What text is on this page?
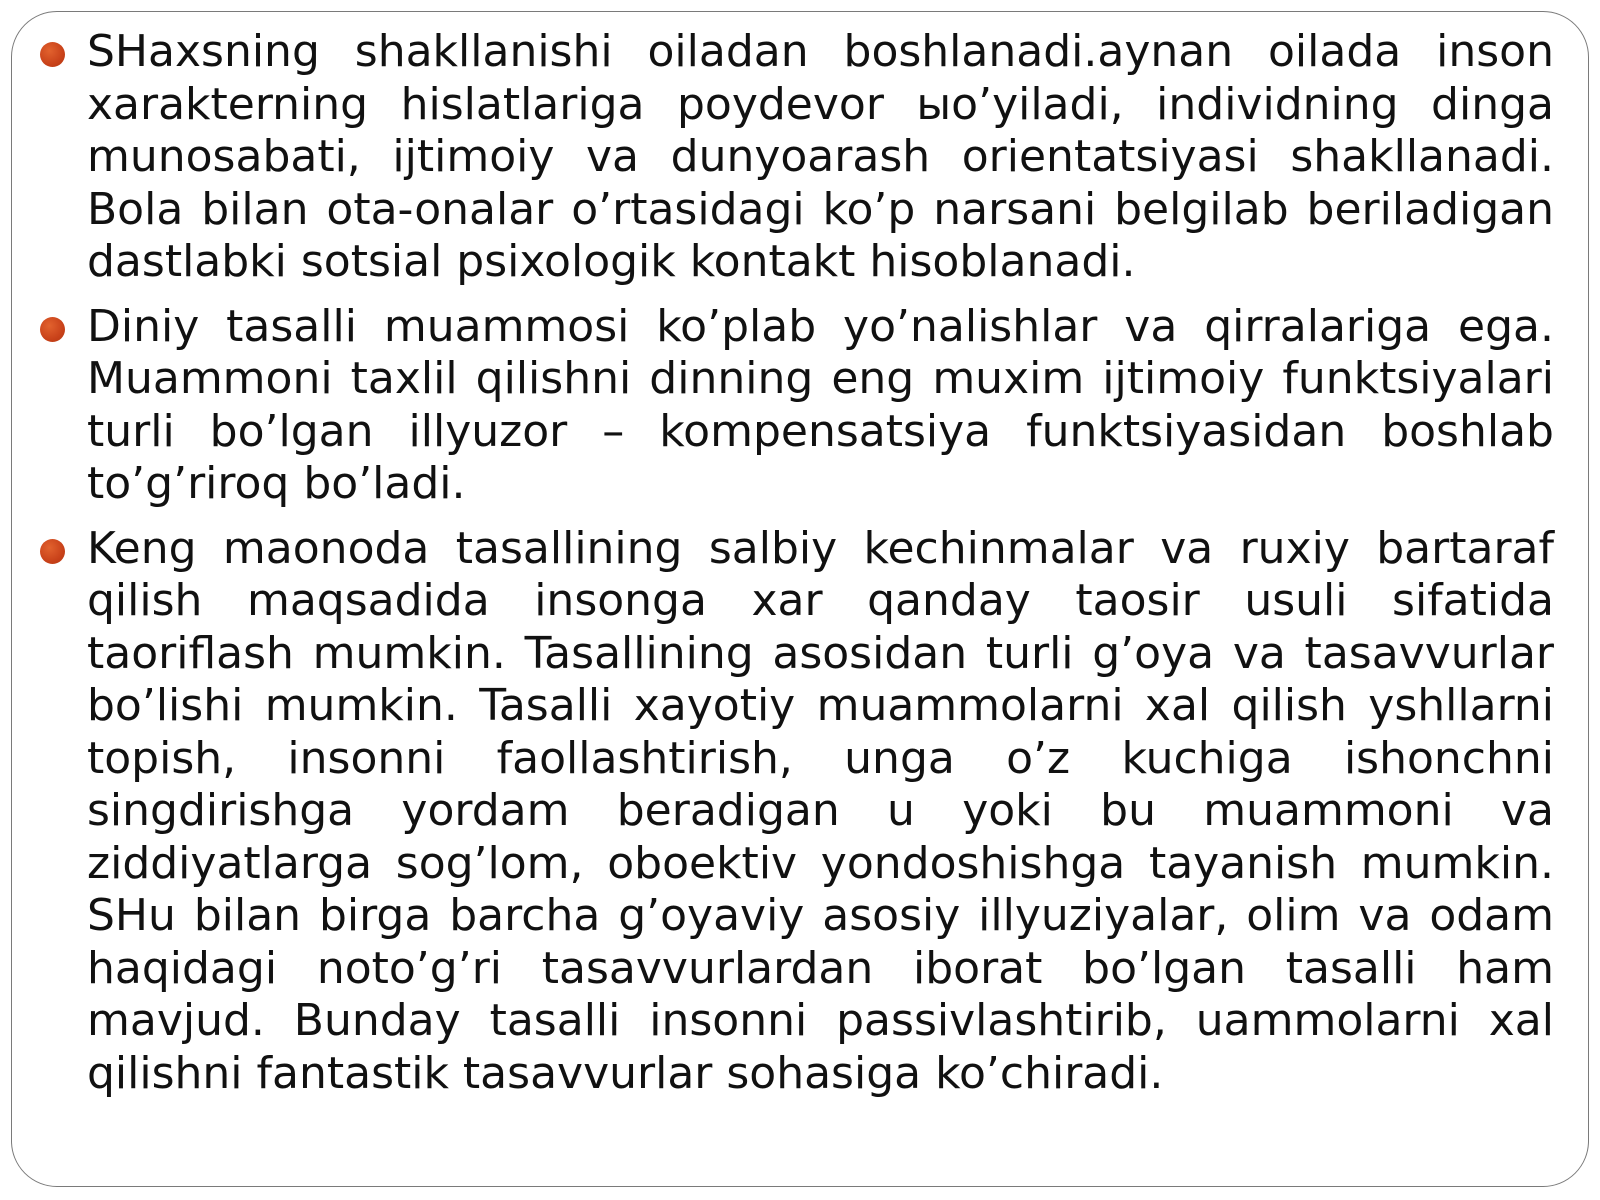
SHaxsning shakllanishi oiladan boshlanadi.aynan oilada inson xarakterning hislatlariga poydevor ыo’yiladi, individning dinga munosabati, ijtimoiy va dunyoarash orientatsiyasi shakllanadi. Bola bilan ota-onalar o’rtasidagi ko’p narsani belgilab beriladigan dastlabki sotsial psixologik kontakt hisoblanadi.
Diniy tasalli muammosi ko’plab yo’nalishlar va qirralariga ega. Muammoni taxlil qilishni dinning eng muxim ijtimoiy funktsiyalari turli bo’lgan illyuzor – kompensatsiya funktsiyasidan boshlab to’g’riroq bo’ladi.
Keng maonoda tasallining salbiy kechinmalar va ruxiy bartaraf qilish maqsadida insonga xar qanday taosir usuli sifatida taoriflash mumkin. Tasallining asosidan turli g’oya va tasavvurlar bo’lishi mumkin. Tasalli xayotiy muammolarni xal qilish yshllarni topish, insonni faollashtirish, unga o’z kuchiga ishonchni singdirishga yordam beradigan u yoki bu muammoni va ziddiyatlarga sog’lom, oboektiv yondoshishga tayanish mumkin. SHu bilan birga barcha g’oyaviy asosiy illyuziyalar, olim va odam haqidagi noto’g’ri tasavvurlardan iborat bo’lgan tasalli ham mavjud. Bunday tasalli insonni passivlashtirib, uammolarni xal qilishni fantastik tasavvurlar sohasiga ko’chiradi.
